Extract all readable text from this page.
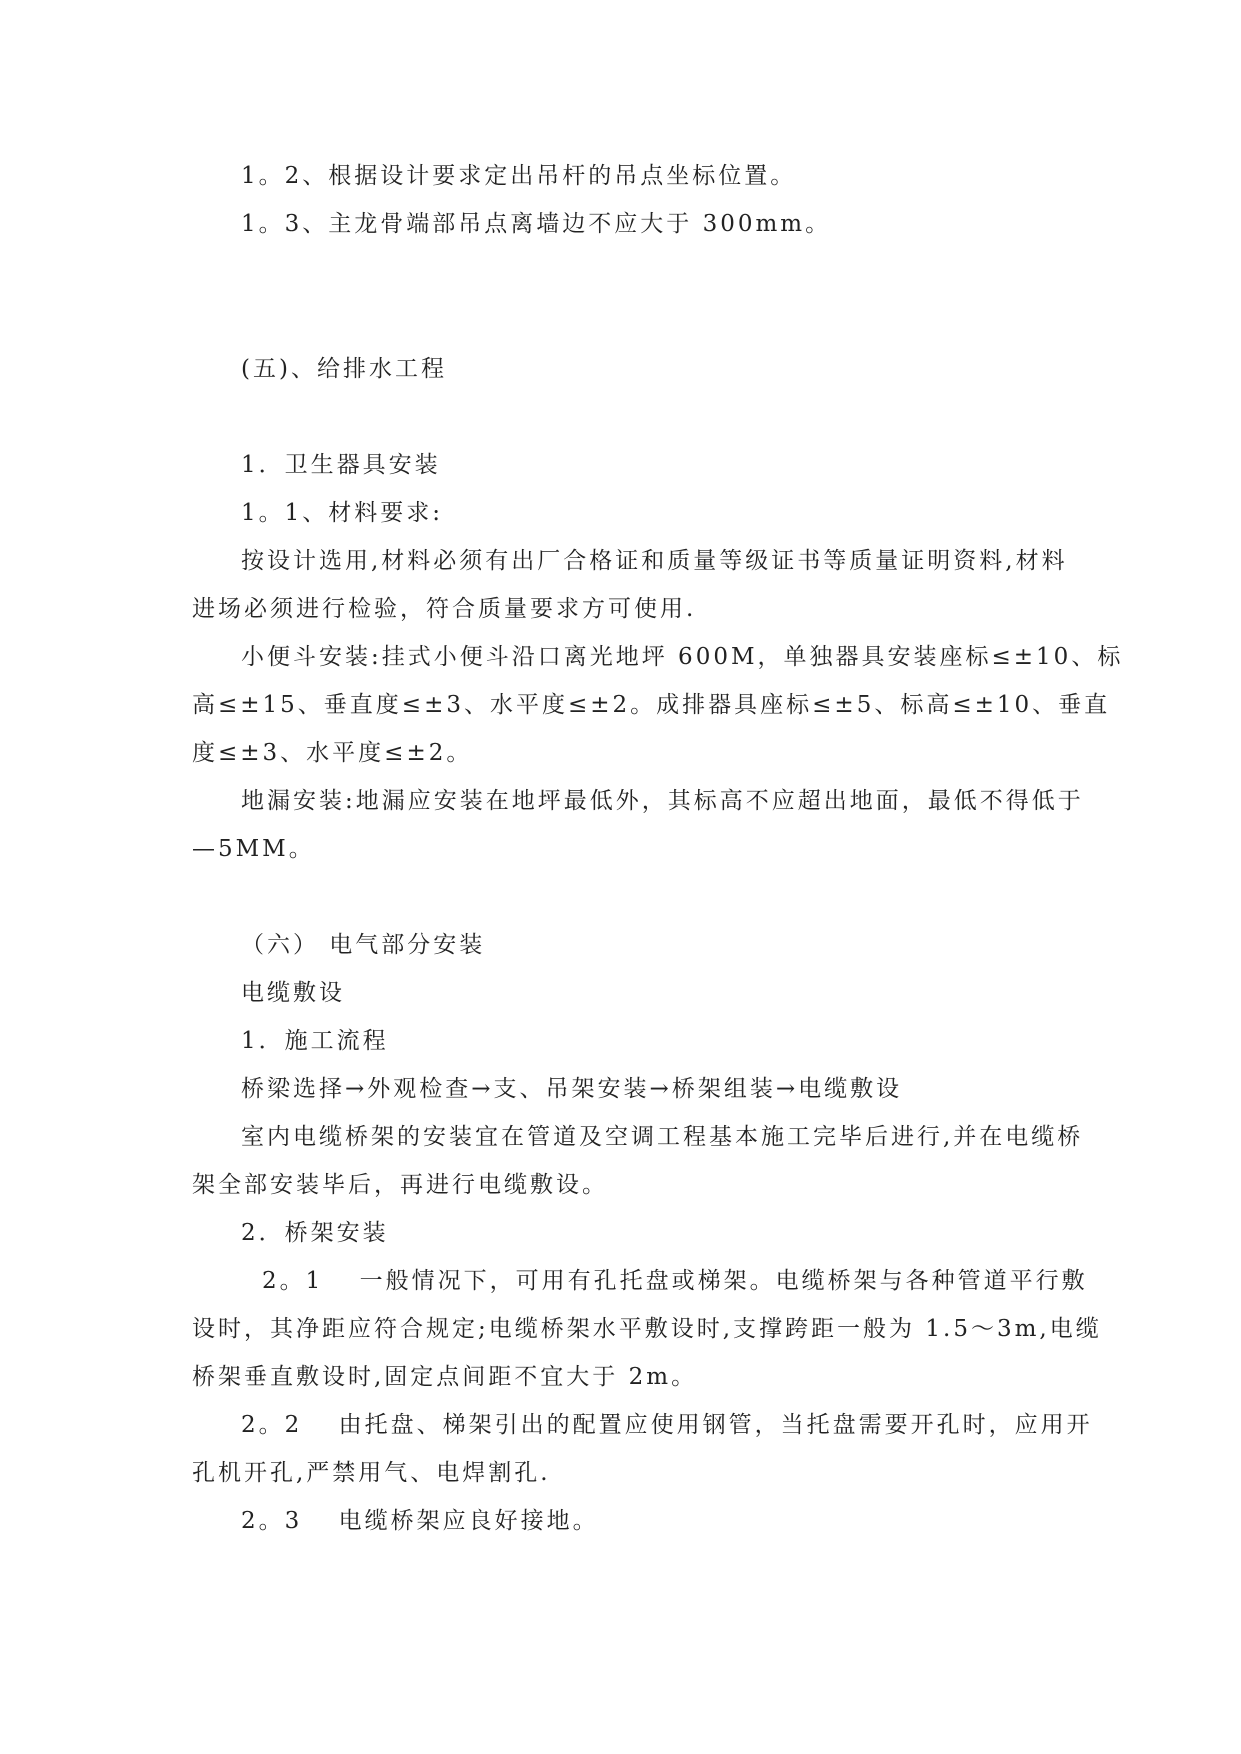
1。2、根据设计要求定出吊杆的吊点坐标位置。
1。3、主龙骨端部吊点离墙边不应大于 300mm。
(五)、给排水工程
1．卫生器具安装
1。1、材料要求:
按设计选用,材料必须有出厂合格证和质量等级证书等质量证明资料,材料
进场必须进行检验，符合质量要求方可使用.
小便斗安装:挂式小便斗沿口离光地坪 600M，单独器具安装座标≤±10、标
高≤±15、垂直度≤±3、水平度≤±2。成排器具座标≤±5、标高≤±10、垂直
度≤±3、水平度≤±2。
地漏安装:地漏应安装在地坪最低外，其标高不应超出地面，最低不得低于
—5MM。
（六） 电气部分安装
电缆敷设
1．施工流程
桥梁选择→外观检查→支、吊架安装→桥架组装→电缆敷设
室内电缆桥架的安装宜在管道及空调工程基本施工完毕后进行,并在电缆桥
架全部安装毕后，再进行电缆敷设。
2．桥架安装
2。1　 一般情况下，可用有孔托盘或梯架。电缆桥架与各种管道平行敷
设时，其净距应符合规定;电缆桥架水平敷设时,支撑跨距一般为 1.5～3m,电缆
桥架垂直敷设时,固定点间距不宜大于 2m。
2。2　 由托盘、梯架引出的配置应使用钢管，当托盘需要开孔时，应用开
孔机开孔,严禁用气、电焊割孔.
2。3　 电缆桥架应良好接地。
